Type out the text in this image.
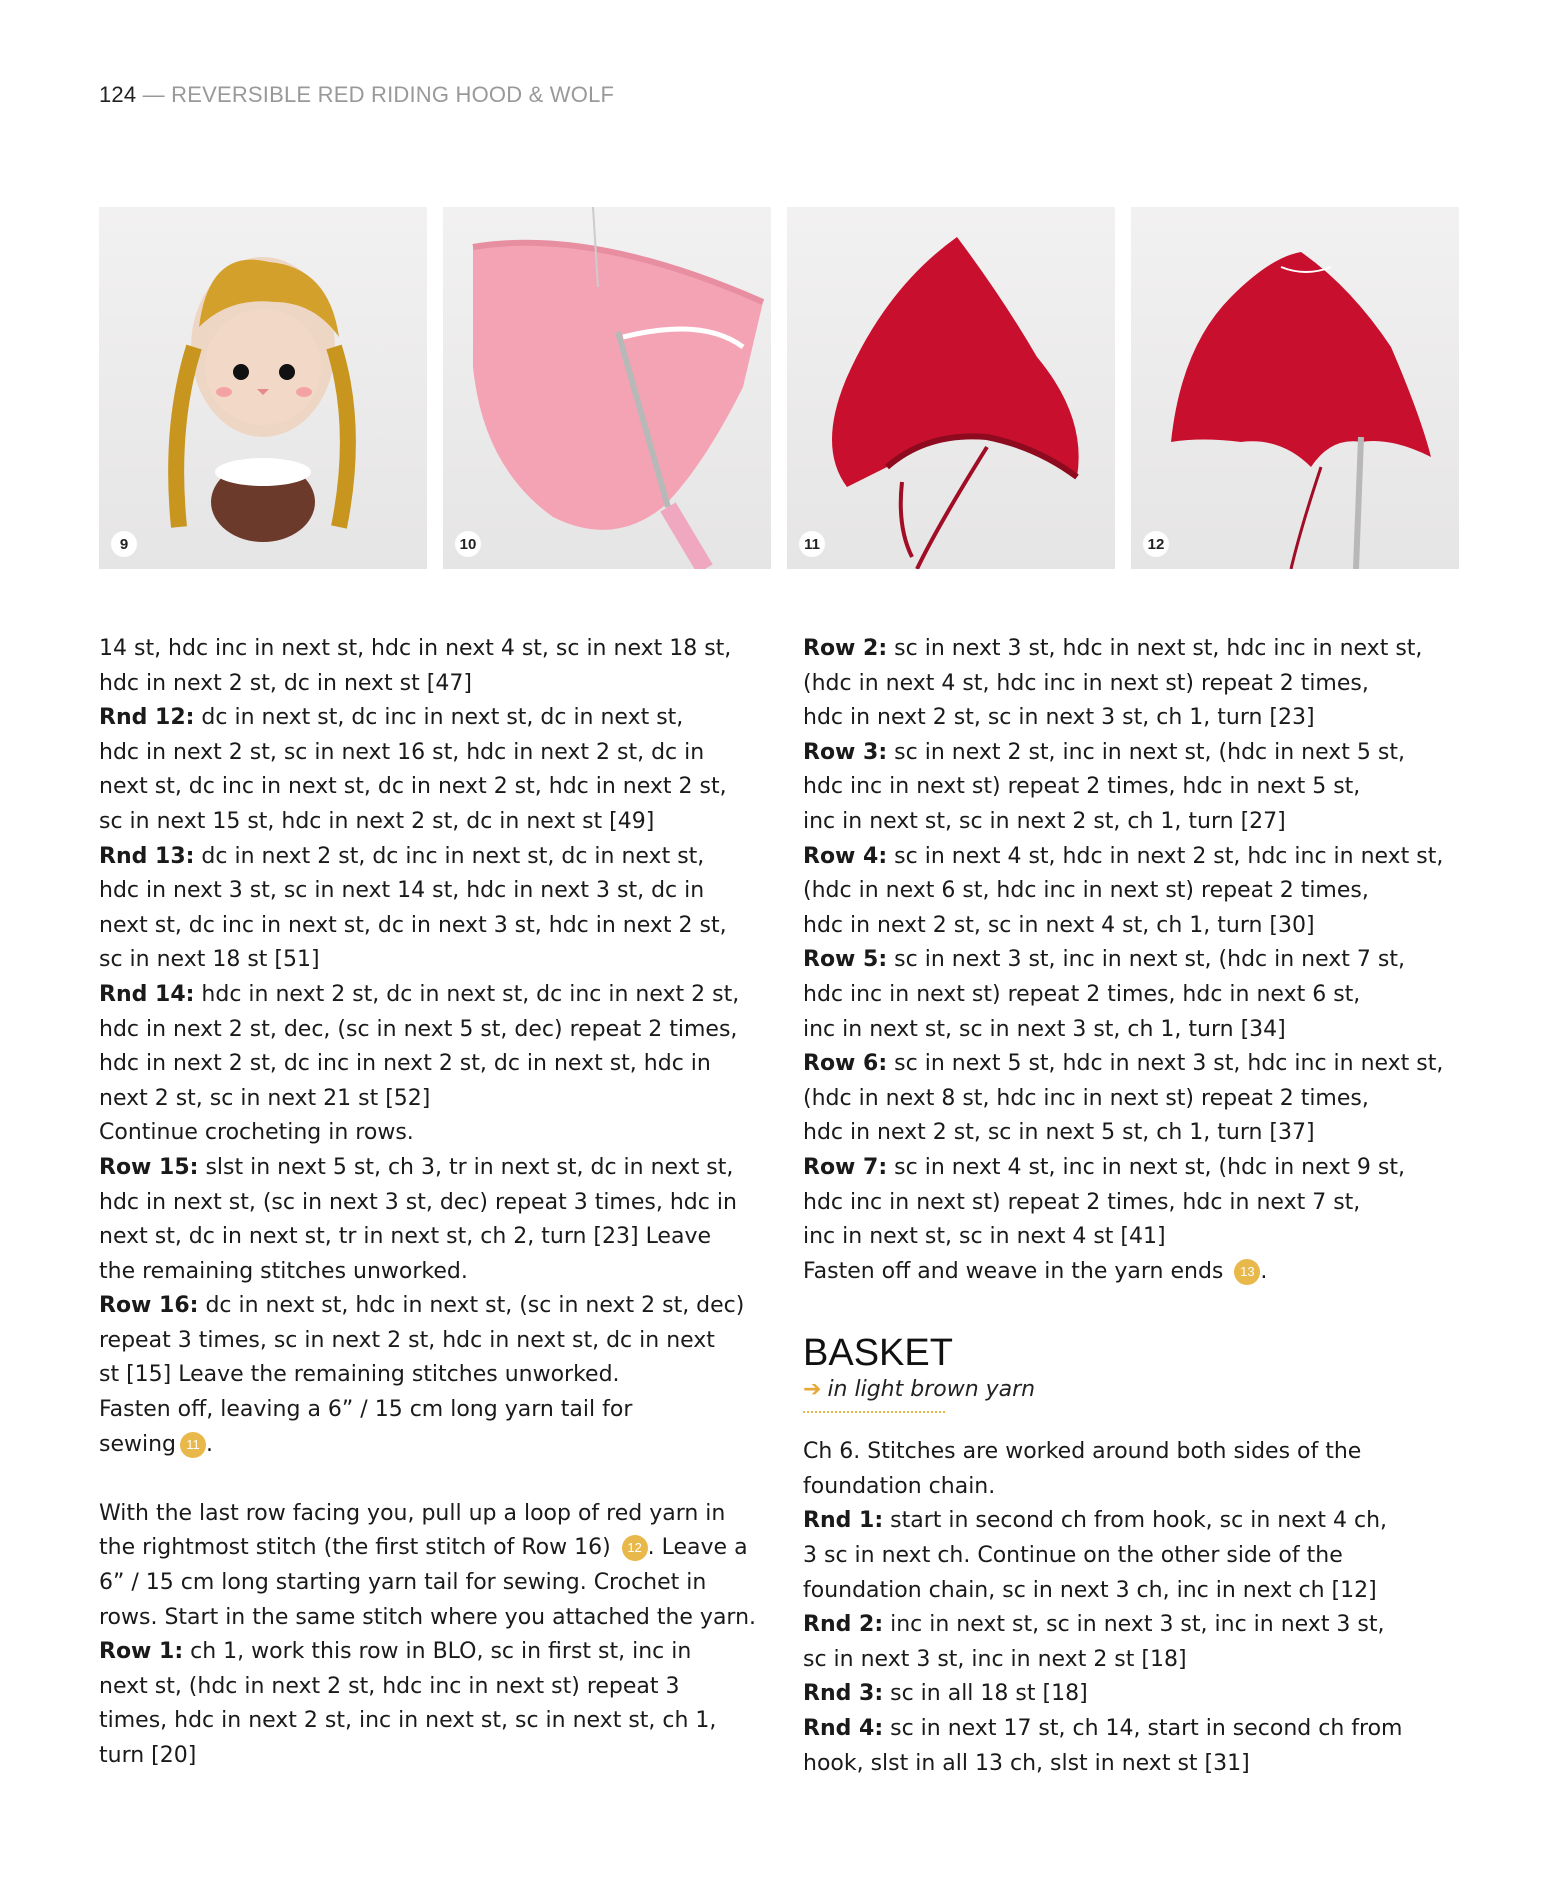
124 — REVERSIBLE RED RIDING HOOD & WOLF
9	10	11	12

14 st, hdc inc in next st, hdc in next 4 st, sc in next 18 st,

hdc in next 2 st, dc in next st [47]

Rnd 12: dc in next st, dc inc in next st, dc in next st,

hdc in next 2 st, sc in next 16 st, hdc in next 2 st, dc in

next st, dc inc in next st, dc in next 2 st, hdc in next 2 st,

sc in next 15 st, hdc in next 2 st, dc in next st [49]

Rnd 13: dc in next 2 st, dc inc in next st, dc in next st,

hdc in next 3 st, sc in next 14 st, hdc in next 3 st, dc in

next st, dc inc in next st, dc in next 3 st, hdc in next 2 st,

sc in next 18 st [51]

Rnd 14: hdc in next 2 st, dc in next st, dc inc in next 2 st,

hdc in next 2 st, dec, (sc in next 5 st, dec) repeat 2 times,

hdc in next 2 st, dc inc in next 2 st, dc in next st, hdc in

next 2 st, sc in next 21 st [52]

Continue crocheting in rows.

Row 15: slst in next 5 st, ch 3, tr in next st, dc in next st,

hdc in next st, (sc in next 3 st, dec) repeat 3 times, hdc in

next st, dc in next st, tr in next st, ch 2, turn [23] Leave

the remaining stitches unworked.

Row 16: dc in next st, hdc in next st, (sc in next 2 st, dec)

repeat 3 times, sc in next 2 st, hdc in next st, dc in next

st [15] Leave the remaining stitches unworked.

Fasten off, leaving a 6” / 15 cm long yarn tail for

sewing 11 .

With the last row facing you, pull up a loop of red yarn in

the rightmost stitch (the first stitch of Row 16) 12 . Leave a

6” / 15 cm long starting yarn tail for sewing. Crochet in

rows. Start in the same stitch where you attached the yarn.

Row 1: ch 1, work this row in BLO, sc in first st, inc in

next st, (hdc in next 2 st, hdc inc in next st) repeat 3

times, hdc in next 2 st, inc in next st, sc in next st, ch 1,

turn [20]

Row 2: sc in next 3 st, hdc in next st, hdc inc in next st,

(hdc in next 4 st, hdc inc in next st) repeat 2 times,

hdc in next 2 st, sc in next 3 st, ch 1, turn [23]

Row 3: sc in next 2 st, inc in next st, (hdc in next 5 st,

hdc inc in next st) repeat 2 times, hdc in next 5 st,

inc in next st, sc in next 2 st, ch 1, turn [27]

Row 4: sc in next 4 st, hdc in next 2 st, hdc inc in next st,

(hdc in next 6 st, hdc inc in next st) repeat 2 times,

hdc in next 2 st, sc in next 4 st, ch 1, turn [30]

Row 5: sc in next 3 st, inc in next st, (hdc in next 7 st,

hdc inc in next st) repeat 2 times, hdc in next 6 st,

inc in next st, sc in next 3 st, ch 1, turn [34]

Row 6: sc in next 5 st, hdc in next 3 st, hdc inc in next st,

(hdc in next 8 st, hdc inc in next st) repeat 2 times,

hdc in next 2 st, sc in next 5 st, ch 1, turn [37]

Row 7: sc in next 4 st, inc in next st, (hdc in next 9 st,

hdc inc in next st) repeat 2 times, hdc in next 7 st,

inc in next st, sc in next 4 st [41]

Fasten off and weave in the yarn ends 13 .

BASKET
➔ in light brown yarn

Ch 6. Stitches are worked around both sides of the

foundation chain.

Rnd 1: start in second ch from hook, sc in next 4 ch,

3 sc in next ch. Continue on the other side of the

foundation chain, sc in next 3 ch, inc in next ch [12]

Rnd 2: inc in next st, sc in next 3 st, inc in next 3 st,

sc in next 3 st, inc in next 2 st [18]

Rnd 3: sc in all 18 st [18]

Rnd 4: sc in next 17 st, ch 14, start in second ch from

hook, slst in all 13 ch, slst in next st [31]
